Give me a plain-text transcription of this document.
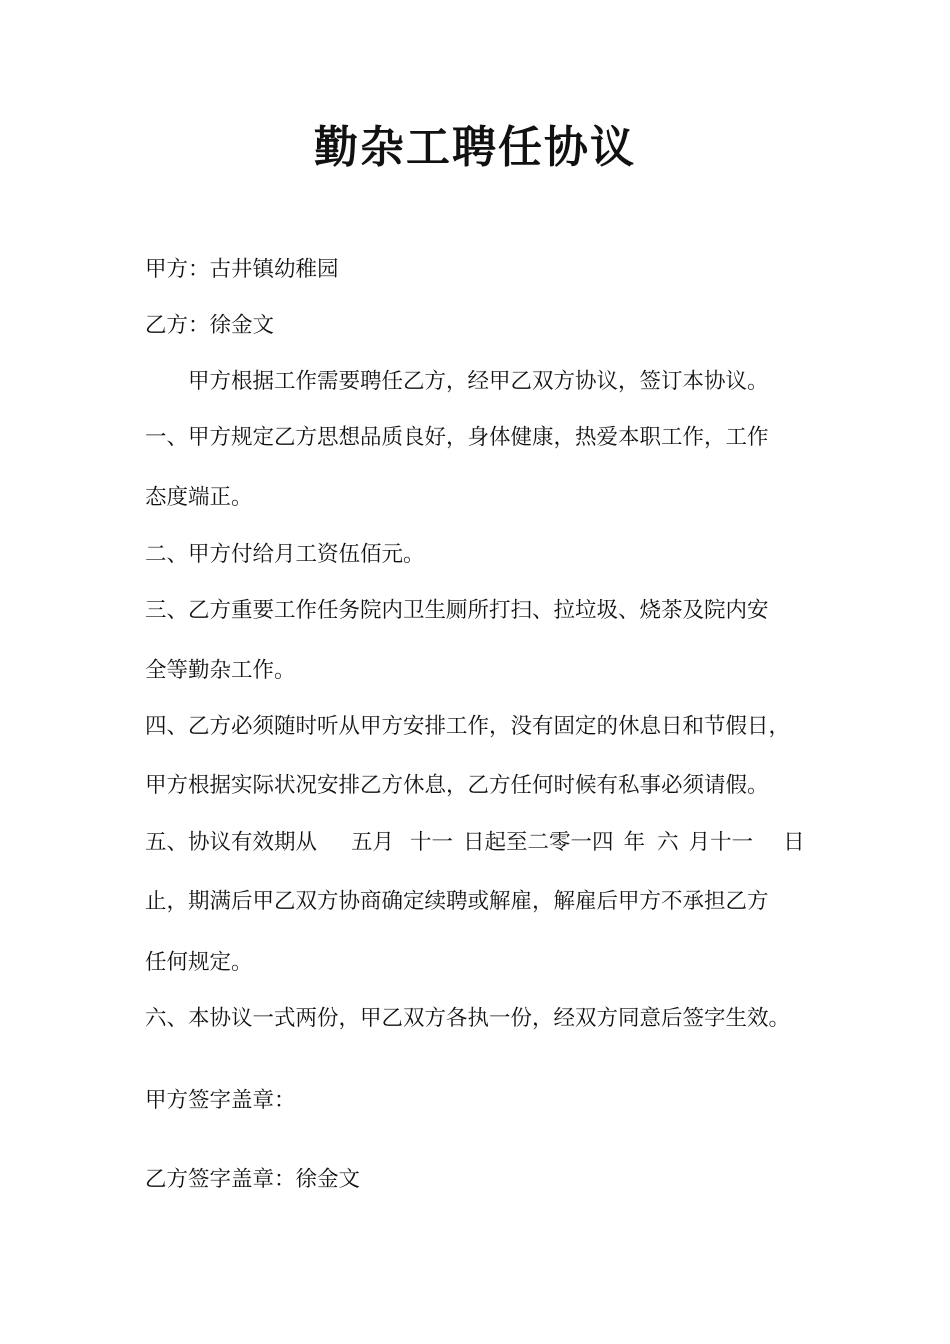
勤杂工聘任协议
甲方：古井镇幼稚园
乙方：徐金文
甲方根据工作需要聘任乙方，经甲乙双方协议，签订本协议。
一、甲方规定乙方思想品质良好，身体健康，热爱本职工作，工作
态度端正。
二、甲方付给月工资伍佰元。
三、乙方重要工作任务院内卫生厕所打扫、拉垃圾、烧茶及院内安
全等勤杂工作。
四、乙方必须随时听从甲方安排工作，没有固定的休息日和节假日，
甲方根据实际状况安排乙方休息，乙方任何时候有私事必须请假。
五、协议有效期从 五月 十一 日起至二零一四 年 六 月十一 日
止，期满后甲乙双方协商确定续聘或解雇，解雇后甲方不承担乙方
任何规定。
六、本协议一式两份，甲乙双方各执一份，经双方同意后签字生效。
甲方签字盖章：
乙方签字盖章：徐金文
